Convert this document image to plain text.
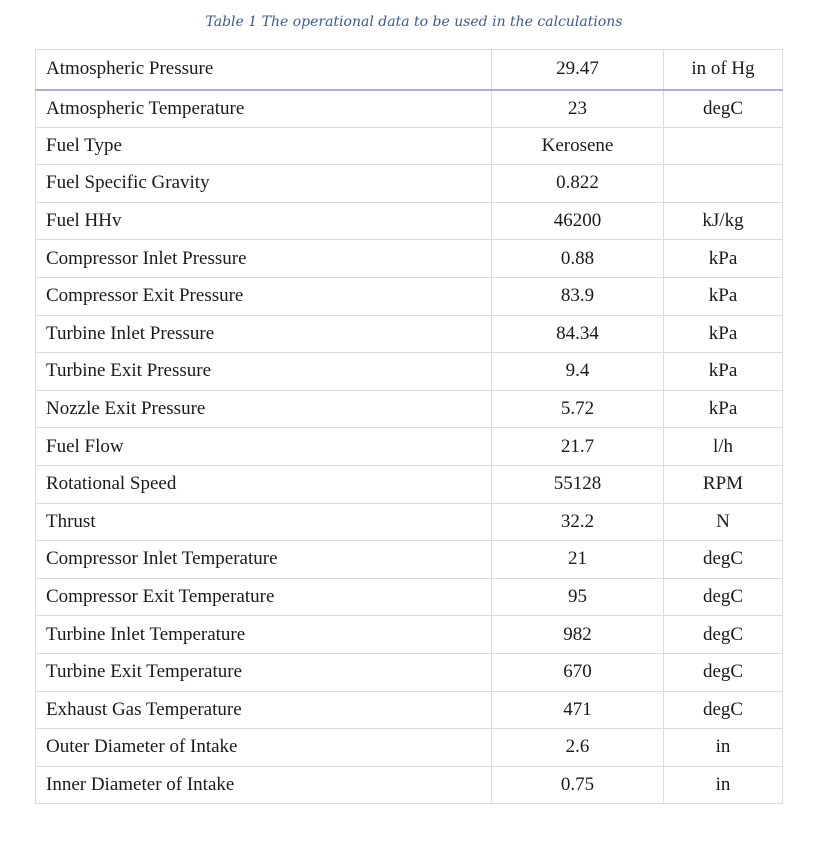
Table 1 The operational data to be used in the calculations
Atmospheric Pressure	29.47	in of Hg
Atmospheric Temperature	23	degC
Fuel Type	Kerosene	
Fuel Specific Gravity	0.822	
Fuel HHv	46200	kJ/kg
Compressor Inlet Pressure	0.88	kPa
Compressor Exit Pressure	83.9	kPa
Turbine Inlet Pressure	84.34	kPa
Turbine Exit Pressure	9.4	kPa
Nozzle Exit Pressure	5.72	kPa
Fuel Flow	21.7	l/h
Rotational Speed	55128	RPM
Thrust	32.2	N
Compressor Inlet Temperature	21	degC
Compressor Exit Temperature	95	degC
Turbine Inlet Temperature	982	degC
Turbine Exit Temperature	670	degC
Exhaust Gas Temperature	471	degC
Outer Diameter of Intake	2.6	in
Inner Diameter of Intake	0.75	in
